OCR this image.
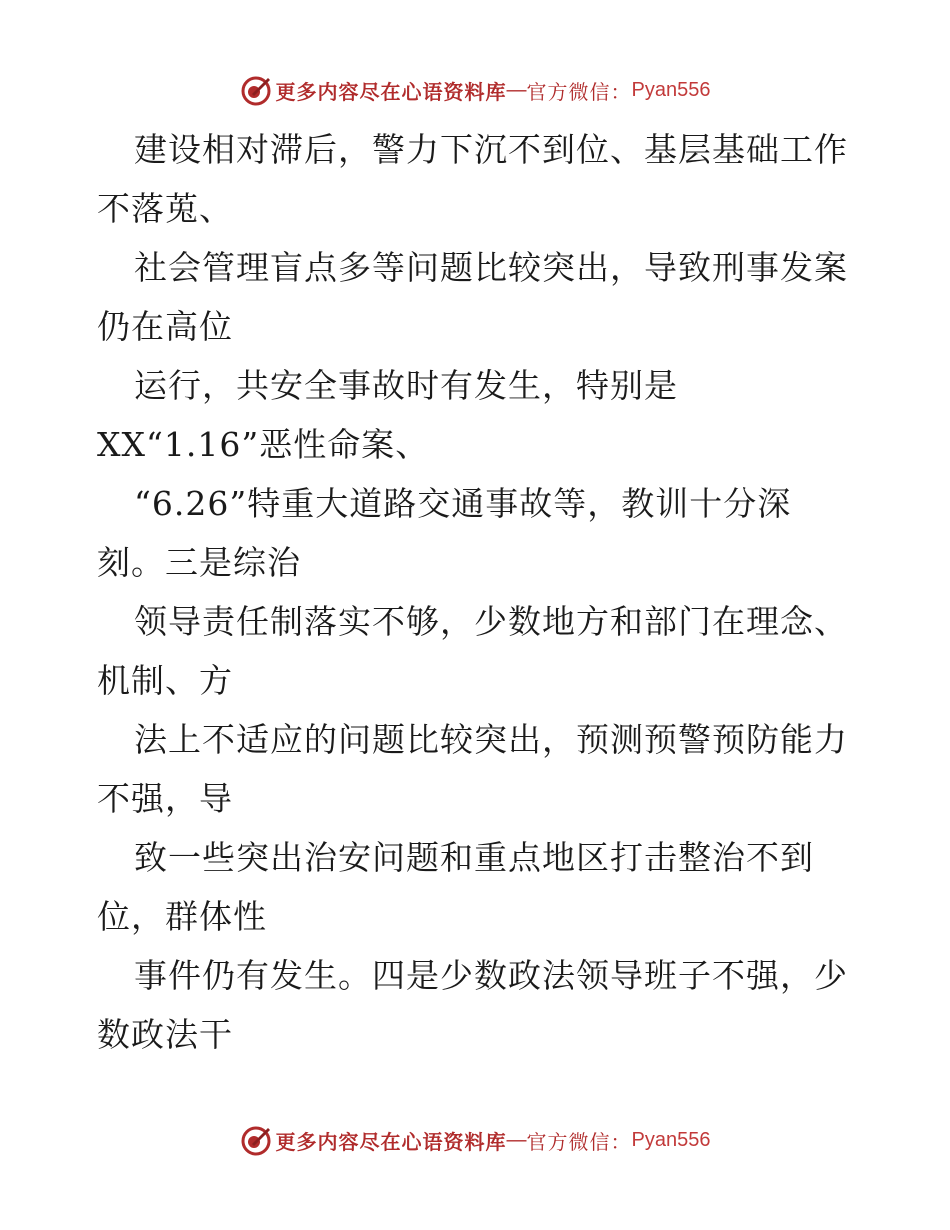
更多内容尽在心语资料库 — 官方微信： Pyan556
建设相对滞后，警力下沉不到位、基层基础工作
不落莵、
社会管理盲点多等问题比较突出，导致刑事发案
仍在高位
运行，共安全事故时有发生，特别是
XX“1.16”恶性命案、
“6.26”特重大道路交通事故等，教训十分深
刻。三是综治
领导责任制落实不够，少数地方和部门在理念、
机制、方
法上不适应的问题比较突出，预测预警预防能力
不强，导
致一些突出治安问题和重点地区打击整治不到
位，群体性
事件仍有发生。四是少数政法领导班子不强，少
数政法干
更多内容尽在心语资料库 — 官方微信： Pyan556
